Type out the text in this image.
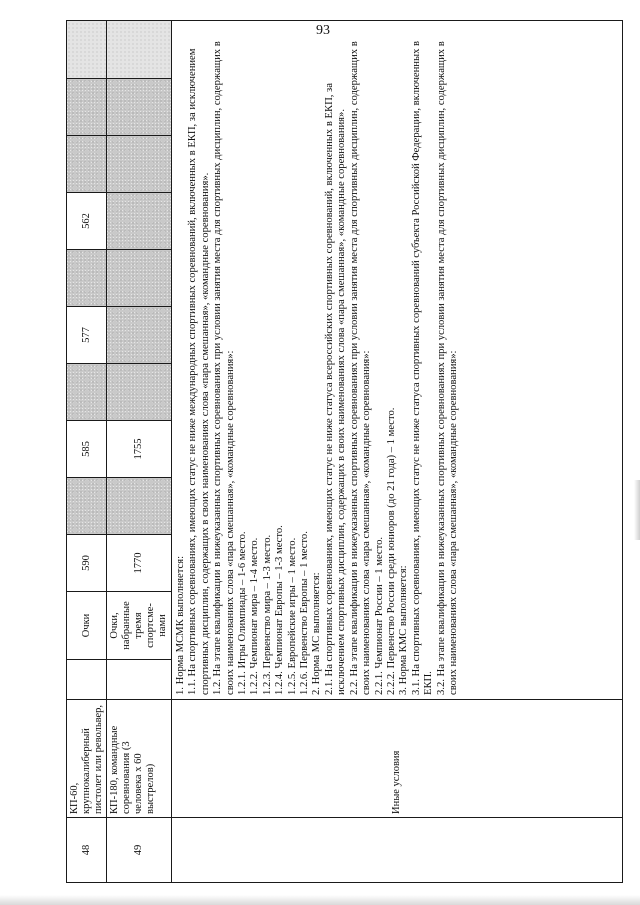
93
48
КП-60, крупнокалиберный пистолет или револьвер, 25 м, 60 выстрелов
Очки
590
585
577
562
49
КП-180, командные соревнования (3 человека х 60 выстрелов)
Очки, набранные тремя спортсме-нами
1770
1755
Иные условия

1. Норма МСМК выполняется: 1.1. На спортивных соревнованиях, имеющих статус не ниже международных спортивных соревнований, включенных в ЕКП, за исключением спортивных дисциплин, содержащих в своих наименованиях слова «пара смешанная», «командные соревнования». 1.2. На этапе квалификации в нижеуказанных спортивных соревнованиях при условии занятия места для спортивных дисциплин, содержащих в своих наименованиях слова «пара смешанная», «командные соревнования»: 1.2.1. Игры Олимпиады – 1-6 место. 1.2.2. Чемпионат мира – 1-4 место. 1.2.3. Первенство мира – 1-3 место. 1.2.4. Чемпионат Европы – 1-3 место. 1.2.5. Европейские игры – 1 место. 1.2.6. Первенство Европы – 1 место. 2. Норма МС выполняется: 2.1. На спортивных соревнованиях, имеющих статус не ниже статуса всероссийских спортивных соревнований, включенных в ЕКП, за исключением спортивных дисциплин, содержащих в своих наименованиях слова «пара смешанная», «командные соревнования». 2.2. На этапе квалификации в нижеуказанных спортивных соревнованиях при условии занятия места для спортивных дисциплин, содержащих в своих наименованиях слова «пара смешанная», «командные соревнования»: 2.2.1. Чемпионат России – 1 место. 2.2.2. Первенство России среди юниоров (до 21 года) – 1 место. 3. Норма КМС выполняется: 3.1. На спортивных соревнованиях, имеющих статус не ниже статуса спортивных соревнований субъекта Российской Федерации, включенных в ЕКП. 3.2. На этапе квалификации в нижеуказанных спортивных соревнованиях при условии занятия места для спортивных дисциплин, содержащих в своих наименованиях слова «пара смешанная», «командные соревнования»:
